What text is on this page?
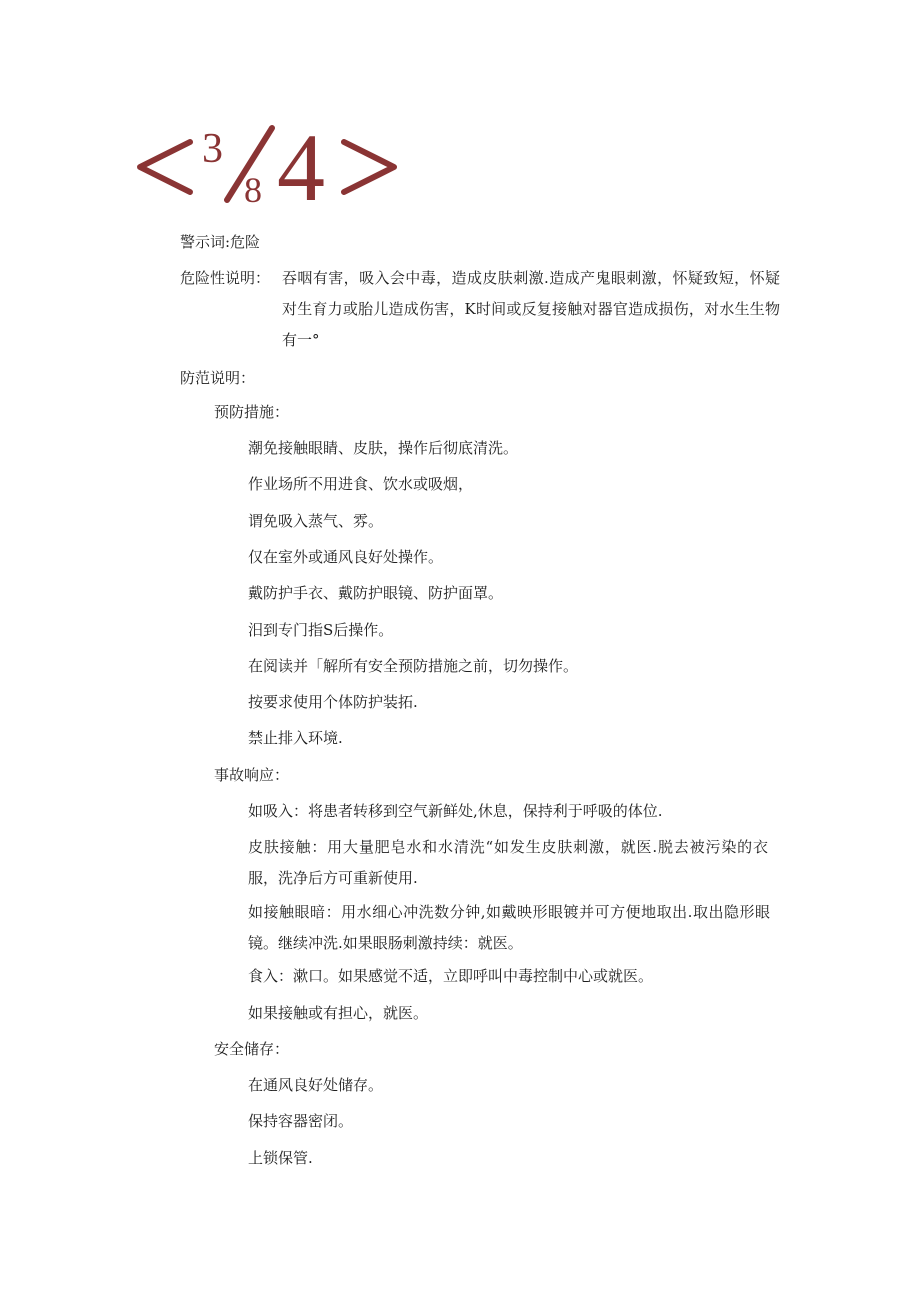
3
8 4
警示词:危险
危险性说明： 吞咽有害，吸入会中毒，造成皮肤刺激.造成产鬼眼刺激，怀疑致短，怀疑对生育力或胎儿造成伤害，K时间或反复接触对器官造成损伤，对水生生物有一°
防范说明：
预防措施：
潮免接触眼睛、皮肤，操作后彻底清洗。
作业场所不用进食、饮水或吸烟，
谓免吸入蒸气、雰。
仅在室外或通风良好处操作。
戴防护手衣、戴防护眼镜、防护面罩。
汨到专门指S后操作。
在阅读并「解所有安全预防措施之前，切勿操作。
按要求使用个体防护装拓.
禁止排入环境.
事故响应：
如吸入：将患者转移到空气新鲜处,休息，保持利于呼吸的体位.
皮肤接触：用大量肥皂水和水清洗“如发生皮肤刺激，就医.脱去被污染的衣服，洗净后方可重新使用.
如接触眼暗：用水细心冲洗数分钟,如戴映形眼镀并可方便地取出.取出隐形眼镜。继续冲洗.如果眼肠刺激持续：就医。
食入：漱口。如果感觉不适，立即呼叫中毒控制中心或就医。
如果接触或有担心，就医。
安全储存：
在通风良好处储存。
保持容器密闭。
上锁保管.
